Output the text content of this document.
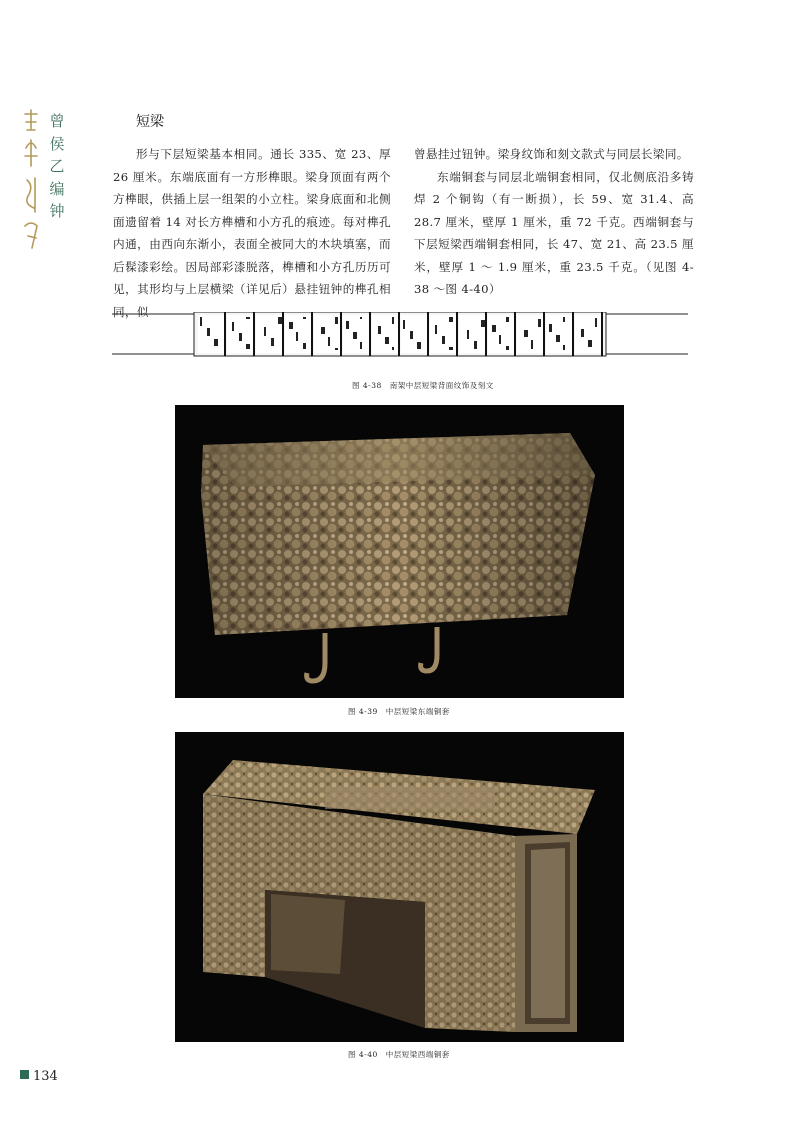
曾
侯
乙
编
钟
短梁

形与下层短梁基本相同。通长 335、宽 23、厚 26 厘米。东端底面有一方形榫眼。梁身顶面有两个方榫眼，供插上层一组架的小立柱。梁身底面和北侧面遗留着 14 对长方榫槽和小方孔的痕迹。每对榫孔内通，由西向东渐小，表面全被同大的木块填塞，而后髹漆彩绘。因局部彩漆脱落，榫槽和小方孔历历可见，其形均与上层横梁（详见后）悬挂钮钟的榫孔相同，似

曾悬挂过钮钟。梁身纹饰和刻文款式与同层长梁同。

东端铜套与同层北端铜套相同，仅北侧底沿多铸焊 2 个铜钩（有一断损），长 59、宽 31.4、高 28.7 厘米，壁厚 1 厘米，重 72 千克。西端铜套与下层短梁西端铜套相同，长 47、宽 21、高 23.5 厘米，壁厚 1 ～ 1.9 厘米，重 23.5 千克。（见图 4-38 ～图 4-40）

图 4-38　南架中层短梁背面纹饰及刻文
图 4-39　中层短梁东端铜套
图 4-40　中层短梁西端铜套
134
